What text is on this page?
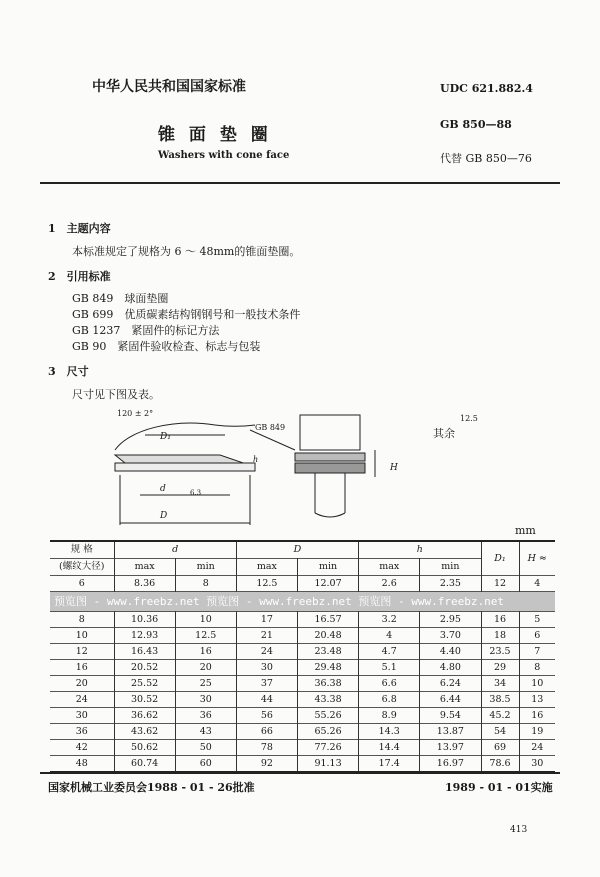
中华人民共和国国家标准	UDC 621.882.4
锥 面 垫 圈
GB 850—88
Washers with cone face	代替 GB 850—76
1　 主题内容
本标准规定了规格为 6 ～ 48mm的锥面垫圈。
2　 引用标准
GB 849　球面垫圈
GB 699　优质碳素结构钢钢号和一般技术条件
GB 1237　紧固件的标记方法
GB 90　紧固件验收检查、标志与包装
3　 尺寸
尺寸见下图及表。
120 ± 2°
D₁
d
D
h
6.3
GB 849
H
其余
12.5
mm
规 格	d		D		h		D₁	H ≈
(螺纹大径)	max	min	max	min	max	min		
6	8.36	8	12.5	12.07	2.6	2.35	12	4
预览图 - www.freebz.net 预览图 - www.freebz.net 预览图 - www.freebz.net								
8	10.36	10	17	16.57	3.2	2.95	16	5
10	12.93	12.5	21	20.48	4	3.70	18	6
12	16.43	16	24	23.48	4.7	4.40	23.5	7
16	20.52	20	30	29.48	5.1	4.80	29	8
20	25.52	25	37	36.38	6.6	6.24	34	10
24	30.52	30	44	43.38	6.8	6.44	38.5	13
30	36.62	36	56	55.26	8.9	9.54	45.2	16
36	43.62	43	66	65.26	14.3	13.87	54	19
42	50.62	50	78	77.26	14.4	13.97	69	24
48	60.74	60	92	91.13	17.4	16.97	78.6	30
国家机械工业委员会1988 - 01 - 26批准	1989 - 01 - 01实施
413
